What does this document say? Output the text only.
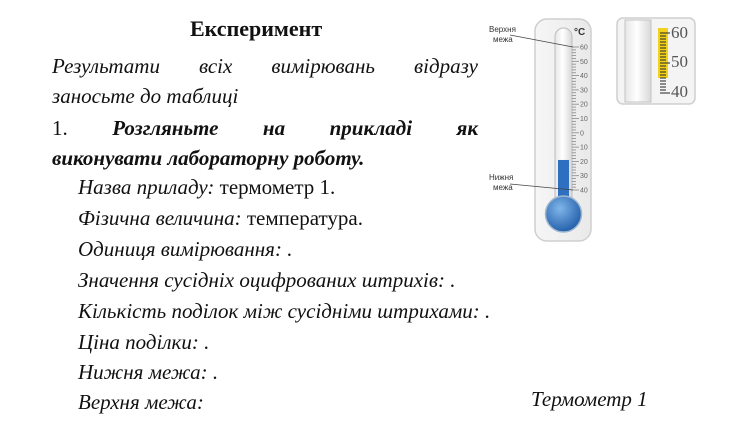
Експеримент
Результати всіх вимірювань відразу
заносьте до таблиці
1. Розгляньте на прикладі як
виконувати лабораторну роботу.
Назва приладу: термометр 1.
Фізична величина: температура.
Одиниця вимірювання: .
Значення сусідніх оцифрованих штрихів: .
Кількість поділок між сусідніми штрихами: .
Ціна поділки: .
Нижня межа: .
Верхня межа:	Термометр 1
°C
60
50
40
30
20
10
0
10
20
30
40
Верхня
межа
Нижня
межа
60
50
40
